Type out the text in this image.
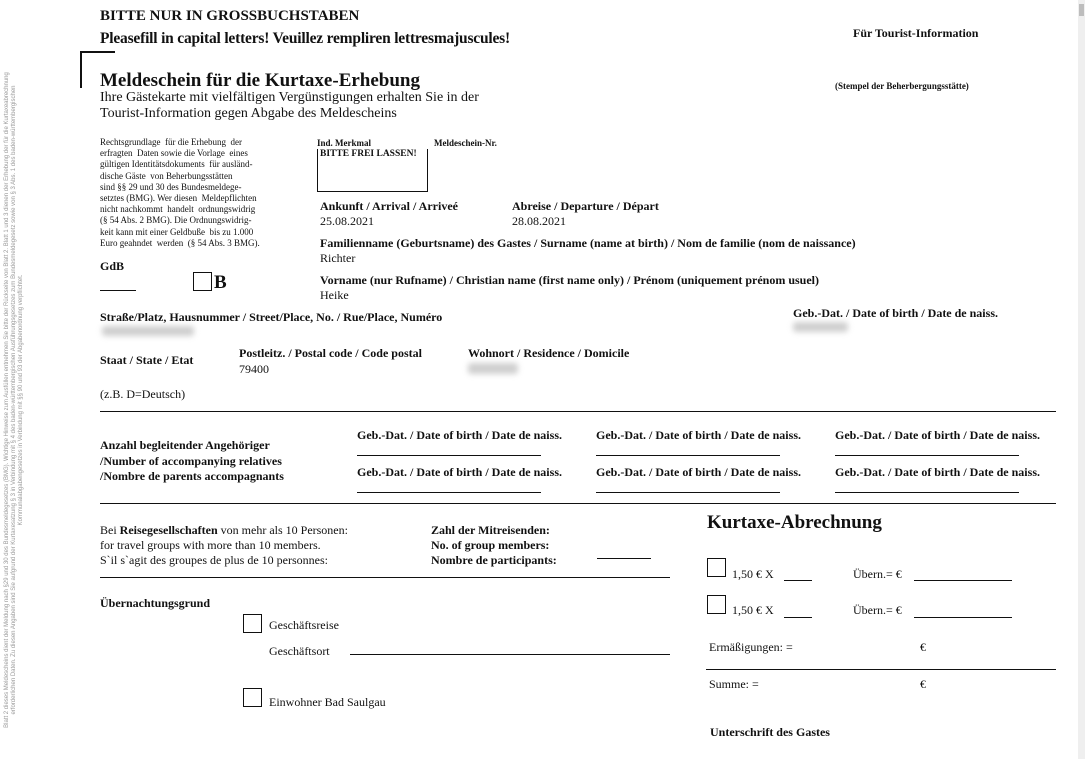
Blatt 2 dieses Meldescheins dient der Meldung nach §29 und 30 des Bundesmeldegesetzes (BMG). Wichtige Hinweise zum Ausfüllen entnehmen Sie bitte der Rückseite von Blatt 2. Blatt 1 und 3 dienen der Erhebung der für die Kurtaxeabrechnung erforderlichen Daten. Zu diesen Angaben sind Sie aufgrund der Kurtaxesatzung § 3 in Verbindung mit § 4 des baden-württembergischen Ausführungsgesetzes zum Bundesmeldegesetz sowie von § 3 Abs. 1 des baden-württembergischen Kommunalabgabengesetzes in Verbindung mit §§ 90 und 93 der Abgabenordnung verpflichtet.
BITTE NUR IN GROSSBUCHSTABEN
Pleasefill in capital letters! Veuillez rempliren lettresmajuscules!	Für Tourist-Information
(Stempel der Beherbergungsstätte)
Meldeschein für die Kurtaxe-Erhebung
Ihre Gästekarte mit vielfältigen Vergünstigungen erhalten Sie in der
Tourist-Information gegen Abgabe des Meldescheins
Rechtsgrundlage  für die Erhebung  der
erfragten  Daten sowie die Vorlage  eines
gültigen Identitätsdokuments  für ausländ-
dische Gäste  von Beherbungsstätten
sind §§ 29 und 30 des Bundesmeldege-
setztes (BMG). Wer diesen  Meldepflichten
nicht nachkommt  handelt  ordnungswidrig
(§ 54 Abs. 2 BMG). Die Ordnungswidrig-
keit kann mit einer Geldbuße  bis zu 1.000
Euro geahndet  werden  (§ 54 Abs. 3 BMG).
GdB
B
Ind. Merkmal	Meldeschein-Nr.
BITTE FREI LASSEN!
Ankunft / Arrival / Arriveé
25.08.2021
Abreise / Departure / Départ
28.08.2021
Familienname (Geburtsname) des Gastes / Surname (name at birth) / Nom de familie (nom de naissance)
Richter
Vorname (nur Rufname) / Christian name (first name only) / Prénom (uniquement prénom usuel)
Heike
Straße/Platz, Hausnummer / Street/Place, No. / Rue/Place, Numéro	Geb.-Dat. / Date of birth / Date de naiss.
Staat / State / Etat
(z.B. D=Deutsch)
Postleitz. / Postal code / Code postal
79400
Wohnort / Residence / Domicile
Anzahl begleitender Angehöriger
/Number of accompanying relatives
/Nombre de parents accompagnants
Geb.-Dat. / Date of birth / Date de naiss.	Geb.-Dat. / Date of birth / Date de naiss.	Geb.-Dat. / Date of birth / Date de naiss.
Geb.-Dat. / Date of birth / Date de naiss.	Geb.-Dat. / Date of birth / Date de naiss.	Geb.-Dat. / Date of birth / Date de naiss.
Bei Reisegesellschaften von mehr als 10 Personen:
for travel groups with more than 10 members.
S`il s`agit des groupes de plus de 10 personnes:
Zahl der Mitreisenden:
No. of group members:
Nombre de participants:
Übernachtungsgrund
Geschäftsreise
Geschäftsort
Einwohner Bad Saulgau
Kurtaxe-Abrechnung
1,50 € X	Übern.= €
1,50 € X	Übern.= €
Ermäßigungen: =	€
Summe: =	€
Unterschrift des Gastes
